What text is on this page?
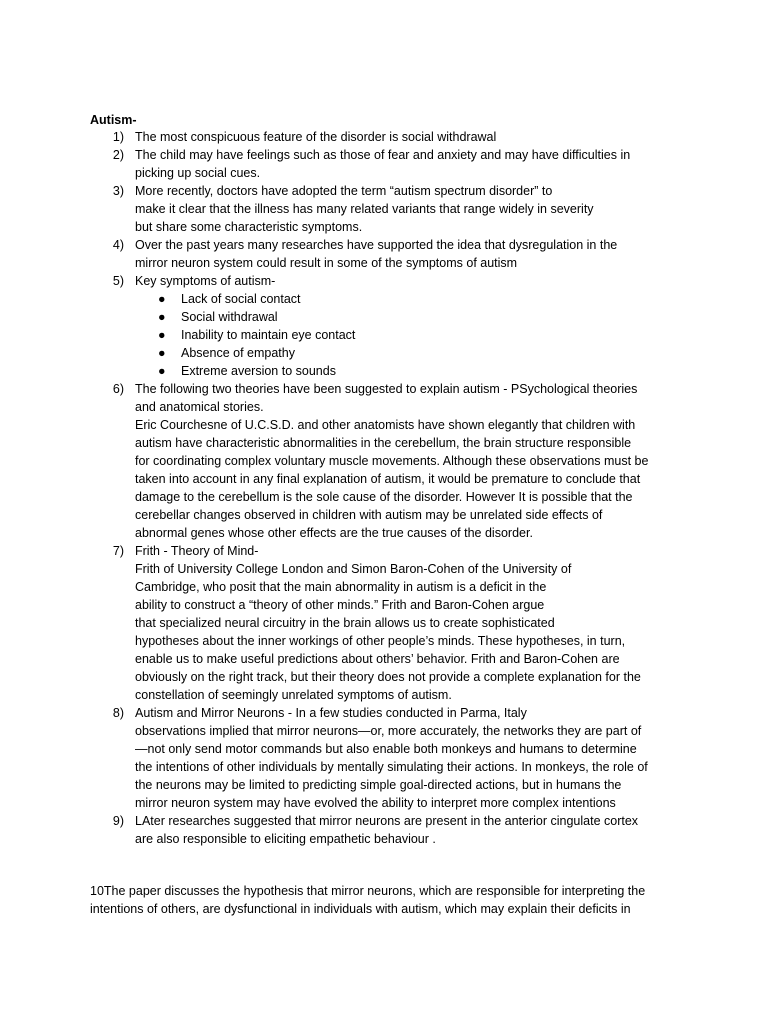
Autism-

1) The most conspicuous feature of the disorder is social withdrawal
2) The child may have feelings such as those of fear and anxiety and may have difficulties in
picking up social cues.
3) More recently, doctors have adopted the term “autism spectrum disorder” to
make it clear that the illness has many related variants that range widely in severity
but share some characteristic symptoms.
4) Over the past years many researches have supported the idea that dysregulation in the
mirror neuron system could result in some of the symptoms of autism
5) Key symptoms of autism-
● Lack of social contact
● Social withdrawal
● Inability to maintain eye contact
● Absence of empathy
● Extreme aversion to sounds
6) The following two theories have been suggested to explain autism - PSychological theories
and anatomical stories.
Eric Courchesne of U.C.S.D. and other anatomists have shown elegantly that children with
autism have characteristic abnormalities in the cerebellum, the brain structure responsible
for coordinating complex voluntary muscle movements. Although these observations must be
taken into account in any final explanation of autism, it would be premature to conclude that
damage to the cerebellum is the sole cause of the disorder. However It is possible that the
cerebellar changes observed in children with autism may be unrelated side effects of
abnormal genes whose other effects are the true causes of the disorder.
7) Frith - Theory of Mind-
Frith of University College London and Simon Baron-Cohen of the University of
Cambridge, who posit that the main abnormality in autism is a deficit in the
ability to construct a “theory of other minds.” Frith and Baron-Cohen argue
that specialized neural circuitry in the brain allows us to create sophisticated
hypotheses about the inner workings of other people’s minds. These hypotheses, in turn,
enable us to make useful predictions about others’ behavior. Frith and Baron-Cohen are
obviously on the right track, but their theory does not provide a complete explanation for the
constellation of seemingly unrelated symptoms of autism.
8) Autism and Mirror Neurons - In a few studies conducted in Parma, Italy
observations implied that mirror neurons—or, more accurately, the networks they are part of
—not only send motor commands but also enable both monkeys and humans to determine
the intentions of other individuals by mentally simulating their actions. In monkeys, the role of
the neurons may be limited to predicting simple goal-directed actions, but in humans the
mirror neuron system may have evolved the ability to interpret more complex intentions
9) LAter researches suggested that mirror neurons are present in the anterior cingulate cortex
are also responsible to eliciting empathetic behaviour .
10The paper discusses the hypothesis that mirror neurons, which are responsible for interpreting the
intentions of others, are dysfunctional in individuals with autism, which may explain their deficits in
